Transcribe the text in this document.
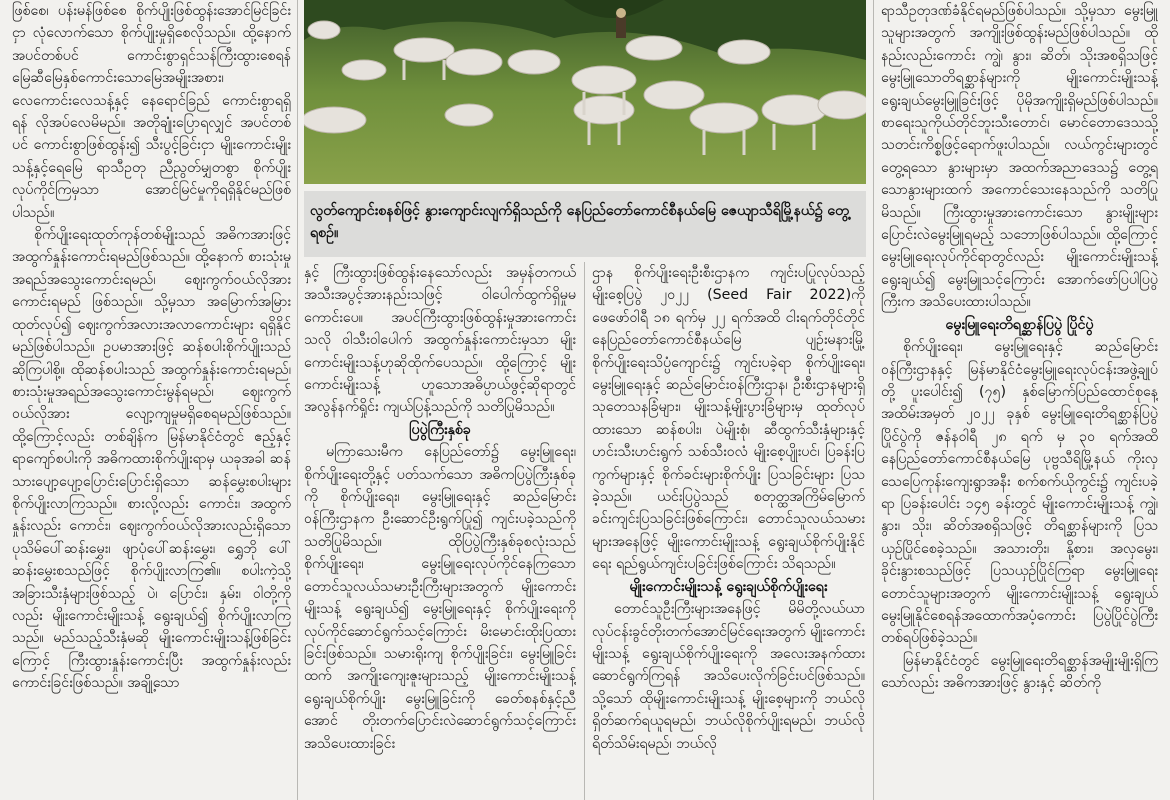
ဖြစ်စေ၊ ပန်းမန်ဖြစ်စေ စိုက်ပျိုးဖြစ်ထွန်းအောင်မြင်ခြင်းငှာ လုံလောက်သော စိုက်ပျိုးမှုရှိစေလိုသည်။ ထို့နောက် အပင်တစ်ပင် ကောင်းစွာရှင်သန်ကြီးထွားစေရန် မြေဆီမြေနှစ်ကောင်းသောမြေအမျိုးအစား၊ လေကောင်းလေသန့်နှင့် နေရောင်ခြည် ကောင်းစွာရရှိရန် လိုအပ်လေမိမည်။ အတိုချုံးပြောရလျှင် အပင်တစ်ပင် ကောင်းစွာဖြစ်ထွန်း၍ သီးပွင့်ခြင်းငှာ မျိုးကောင်းမျိုးသန့်နှင့်ရေမြေ ရာသီဥတု ညီညွတ်မျှတစွာ စိုက်ပျိုးလုပ်ကိုင်ကြမှသာ အောင်မြင်မှုကိုရရှိနိုင်မည်ဖြစ်ပါသည်။

စိုက်ပျိုးရေးထုတ်ကုန်တစ်မျိုးသည် အဓိကအားဖြင့် အထွက်နှုန်းကောင်းရမည်ဖြစ်သည်။ ထို့နောက် စားသုံးမှုအရည်အသွေးကောင်းရမည်၊ ဈေးကွက်ဝယ်လိုအားကောင်းရမည် ဖြစ်သည်။ သို့မှသာ အမြောက်အမြားထုတ်လုပ်၍ ဈေးကွက်အလားအလာကောင်းများ ရရှိနိုင်မည်ဖြစ်ပါသည်။ ဥပမာအားဖြင့် ဆန်စပါးစိုက်ပျိုးသည်ဆိုကြပါစို့။ ထိုဆန်စပါးသည် အထွက်နှုန်းကောင်းရမည်၊ စားသုံးမှုအရည်အသွေးကောင်းမွန်ရမည်၊ ဈေးကွက်ဝယ်လိုအား လျော့ကျမှုမရှိစေရမည်ဖြစ်သည်။ ထို့ကြောင့်လည်း တစ်ချိန်က မြန်မာနိုင်ငံတွင် ဧည့်နှင့်ရာကျော်စပါးကို အဓိကထားစိုက်ပျိုးရာမှ ယခုအခါ ဆန်သားပျော့ပျော့ပြောင်းပြောင်းရှိသော ဆန်မွှေးစပါးများ စိုက်ပျိုးလာကြသည်။ စားလို့လည်း ကောင်း၊ အထွက်နှုန်းလည်း ကောင်း၊ ဈေးကွက်ဝယ်လိုအားလည်းရှိသော ပုသိမ်ပေါ်ဆန်းမွှေး၊ ဖျာပုံပေါ်ဆန်းမွှေး၊ ရွှေဘို ပေါ်ဆန်းမွှေးစသည်ဖြင့် စိုက်ပျိုးလာကြ၏။ စပါးကဲ့သို့ အခြားသီးနှံများဖြစ်သည့် ပဲ၊ ပြောင်း၊ နှမ်း၊ ဝါတို့ကိုလည်း မျိုးကောင်းမျိုးသန့် ရွေးချယ်၍ စိုက်ပျိုးလာကြသည်။ မည်သည့်သီးနှံမဆို မျိုးကောင်းမျိုးသန့်ဖြစ်ခြင်းကြောင့် ကြီးထွားနှုန်းကောင်းပြီး အထွက်နှုန်းလည်း ကောင်းခြင်းဖြစ်သည်။ အချို့သော

လွတ်ကျောင်းစနစ်ဖြင့် နွားကျောင်းလျက်ရှိသည်ကို နေပြည်တော်ကောင်စီနယ်မြေ ဇေယျာသီရိမြို့နယ်၌ တွေ့ရစဉ်။

နှင့် ကြီးထွားဖြစ်ထွန်းနေသော်လည်း အမှန်တကယ် အသီးအပွင့်အားနည်းသဖြင့် ဝါပေါက်ထွက်ရှိမှုမကောင်းပေ။ အပင်ကြီးထွားဖြစ်ထွန်းမှုအားကောင်းသလို ဝါသီးဝါပေါက် အထွက်နှုန်းကောင်းမှသာ မျိုးကောင်းမျိုးသန့်ဟုဆိုထိုက်ပေသည်။ ထို့ကြောင့် မျိုးကောင်းမျိုးသန့် ဟူသောအဓိပ္ပာယ်ဖွင့်ဆိုရာတွင် အလွန်နက်ရှိုင်း ကျယ်ပြန့်သည်ကို သတိပြုမိသည်။

ပြပွဲကြီးနှစ်ခု

မကြာသေးမီက နေပြည်တော်၌ မွေးမြူရေး၊ စိုက်ပျိုးရေးတို့နှင့် ပတ်သက်သော အဓိကပြပွဲကြီးနှစ်ခုကို စိုက်ပျိုးရေး၊ မွေးမြူရေးနှင့် ဆည်မြောင်းဝန်ကြီးဌာနက ဦးဆောင်ဦးရွက်ပြု၍ ကျင်းပခဲ့သည်ကို သတိပြုမိသည်။ ထိုပြပွဲကြီးနှစ်ခုစလုံးသည် စိုက်ပျိုးရေး၊ မွေးမြူရေးလုပ်ကိုင်နေကြသော တောင်သူလယ်သမားဦးကြီးများအတွက် မျိုးကောင်းမျိုးသန့် ရွေးချယ်၍ မွေးမြူရေးနှင့် စိုက်ပျိုးရေးကို လုပ်ကိုင်ဆောင်ရွက်သင့်ကြောင်း မိးမောင်းထိုးပြထားခြင်းဖြစ်သည်။ သမားရိုးကျ စိုက်ပျိုးခြင်း၊ မွေးမြူခြင်းထက် အကျိုးကျေးဇူးများသည့် မျိုးကောင်းမျိုးသန့် ရွေးချယ်စိုက်ပျိုး မွေးမြူခြင်းကို ခေတ်စနစ်နှင့်ညီအောင် တိုးတက်ပြောင်းလဲဆောင်ရွက်သင့်ကြောင်း အသိပေးထားခြင်း

ဌာန စိုက်ပျိုးရေးဦးစီးဌာနက ကျင်းပပြုလုပ်သည့် မျိုးစေ့ပြပွဲ ၂၀၂၂ (Seed Fair 2022)ကို ဖေဖော်ဝါရီ ၁၈ ရက်မှ ၂၂ ရက်အထိ ငါးရက်တိုင်တိုင် နေပြည်တော်ကောင်စီနယ်မြေ ပျဉ်းမနားမြို့ စိုက်ပျိုးရေးသိပ္ပံကျောင်း၌ ကျင်းပခဲ့ရာ စိုက်ပျိုးရေး၊ မွေးမြူရေးနှင့် ဆည်မြောင်းဝန်ကြီးဌာန၊ ဦးစီးဌာနများရှိ သုတေသနခြံများ၊ မျိုးသန့်မျိုးပွားခြံများမှ ထုတ်လုပ်ထားသော ဆန်စပါး၊ ပဲမျိုးစုံ၊ ဆီထွက်သီးနှံများနှင့် ဟင်းသီးဟင်းရွက် သစ်သီးဝလံ မျိုးစေ့ပျိုးပင်၊ ပြခန်းပြကွက်များနှင့် စိုက်ခင်းများစိုက်ပျိုး ပြသခြင်းများ ပြသခဲ့သည်။ ယင်းပြပွဲသည် စတုတ္ထအကြိမ်မြောက် ခင်းကျင်းပြသခြင်းဖြစ်ကြောင်း၊ တောင်သူလယ်သမားများအနေဖြင့် မျိုးကောင်းမျိုးသန့် ရွေးချယ်စိုက်ပျိုးနိုင်ရေး ရည်ရွယ်ကျင်းပခြင်းဖြစ်ကြောင်း သိရသည်။

မျိုးကောင်းမျိုးသန့် ရွေးချယ်စိုက်ပျိုးရေး

တောင်သူဦးကြီးများအနေဖြင့် မိမိတို့လယ်ယာလုပ်ငန်းခွင်တိုးတက်အောင်မြင်ရေးအတွက် မျိုးကောင်းမျိုးသန့် ရွေးချယ်စိုက်ပျိုးရေးကို အလေးအနက်ထားဆောင်ရွက်ကြရန် အသိပေးလိုက်ခြင်းပင်ဖြစ်သည်။ သို့သော် ထိုမျိုးကောင်းမျိုးသန့် မျိုးစေ့များကို ဘယ်လိုရှိတ်ဆက်ရယူရမည်၊ ဘယ်လိုစိုက်ပျိုးရမည်၊ ဘယ်လိုရိတ်သိမ်းရမည်၊ ဘယ်လို

ရာသီဥတုဒဏ်ခံနိုင်ရမည်ဖြစ်ပါသည်။ သို့မှသာ မွေးမြူသူများအတွက် အကျိုးဖြစ်ထွန်းမည်ဖြစ်ပါသည်။ ထိုနည်းလည်းကောင်း ကျွဲ၊ နွား၊ ဆိတ်၊ သိုးအစရှိသဖြင့် မွေးမြူသောတိရစ္ဆာန်များကို မျိုးကောင်းမျိုးသန့် ရွေးချယ်မွေးမြူခြင်းဖြင့် ပိုမိုအကျိုးရှိမည်ဖြစ်ပါသည်။ စာရေးသူကိုယ်တိုင်ဘူးသီးတောင်၊ မောင်တောဒေသသို့ သတင်းကိစ္စဖြင့်ရောက်ဖူးပါသည်။ လယ်ကွင်းများတွင် တွေ့ရသော နွားများမှာ အထက်အညာဒေသ၌ တွေ့ရသောနွားများထက် အကောင်သေးနေသည်ကို သတိပြုမိသည်။ ကြီးထွားမှုအားကောင်းသော နွားမျိုးများ ပြောင်းလဲမွေးမြူရမည့် သဘောဖြစ်ပါသည်။ ထို့ကြောင့် မွေးမြူရေးလုပ်ကိုင်ရာတွင်လည်း မျိုးကောင်းမျိုးသန့် ရွေးချယ်၍ မွေးမြူသင့်ကြောင်း အောက်ဖော်ပြပါပြပွဲကြီးက အသိပေးထားပါသည်။

မွေးမြူရေးတိရစ္ဆာန်ပြပွဲ ပြိုင်ပွဲ

စိုက်ပျိုးရေး၊ မွေးမြူရေးနှင့် ဆည်မြောင်းဝန်ကြီးဌာနနှင့် မြန်မာနိုင်ငံမွေးမြူရေးလုပ်ငန်းအဖွဲ့ချုပ်တို့ ပူးပေါင်း၍ (၇၅) နှစ်မြောက်ပြည်ထောင်စုနေ့အထိမ်းအမှတ် ၂၀၂၂ ခုနှစ် မွေးမြူရေးတိရစ္ဆာန်ပြပွဲ ပြိုင်ပွဲကို ဇန်နဝါရီ ၂၈ ရက် မှ ၃၀ ရက်အထိ နေပြည်တော်ကောင်စီနယ်မြေ ပုဗ္ဗသီရိမြို့နယ် ကိုးလှသေပြေကုန်းကျေးရွာအနီး စက်စက်ယိုကွင်း၌ ကျင်းပခဲ့ရာ ပြခန်းပေါင်း ၁၄၅ ခန်းတွင် မျိုးကောင်းမျိုးသန့် ကျွဲ၊ နွား၊ သိုး၊ ဆိတ်အစရှိသဖြင့် တိရစ္ဆာန်များကို ပြသယှဉ်ပြိုင်စေခဲ့သည်။ အသားတိုး၊ နို့စား၊ အလှမွေး၊ ခိုင်းနွားစသည်ဖြင့် ပြသယှဉ်ပြိုင်ကြရာ မွေးမြူရေးတောင်သူများအတွက် မျိုးကောင်းမျိုးသန့် ရွေးချယ် မွေးမြူနိုင်စေရန်အထောက်အပံ့ကောင်း ပြပွဲပြိုင်ပွဲကြီးတစ်ရပ်ဖြစ်ခဲ့သည်။

မြန်မာနိုင်ငံတွင် မွေးမြူရေးတိရစ္ဆာန်အမျိုးမျိုးရှိကြသော်လည်း အဓိကအားဖြင့် နွားနှင့် ဆိတ်ကို
